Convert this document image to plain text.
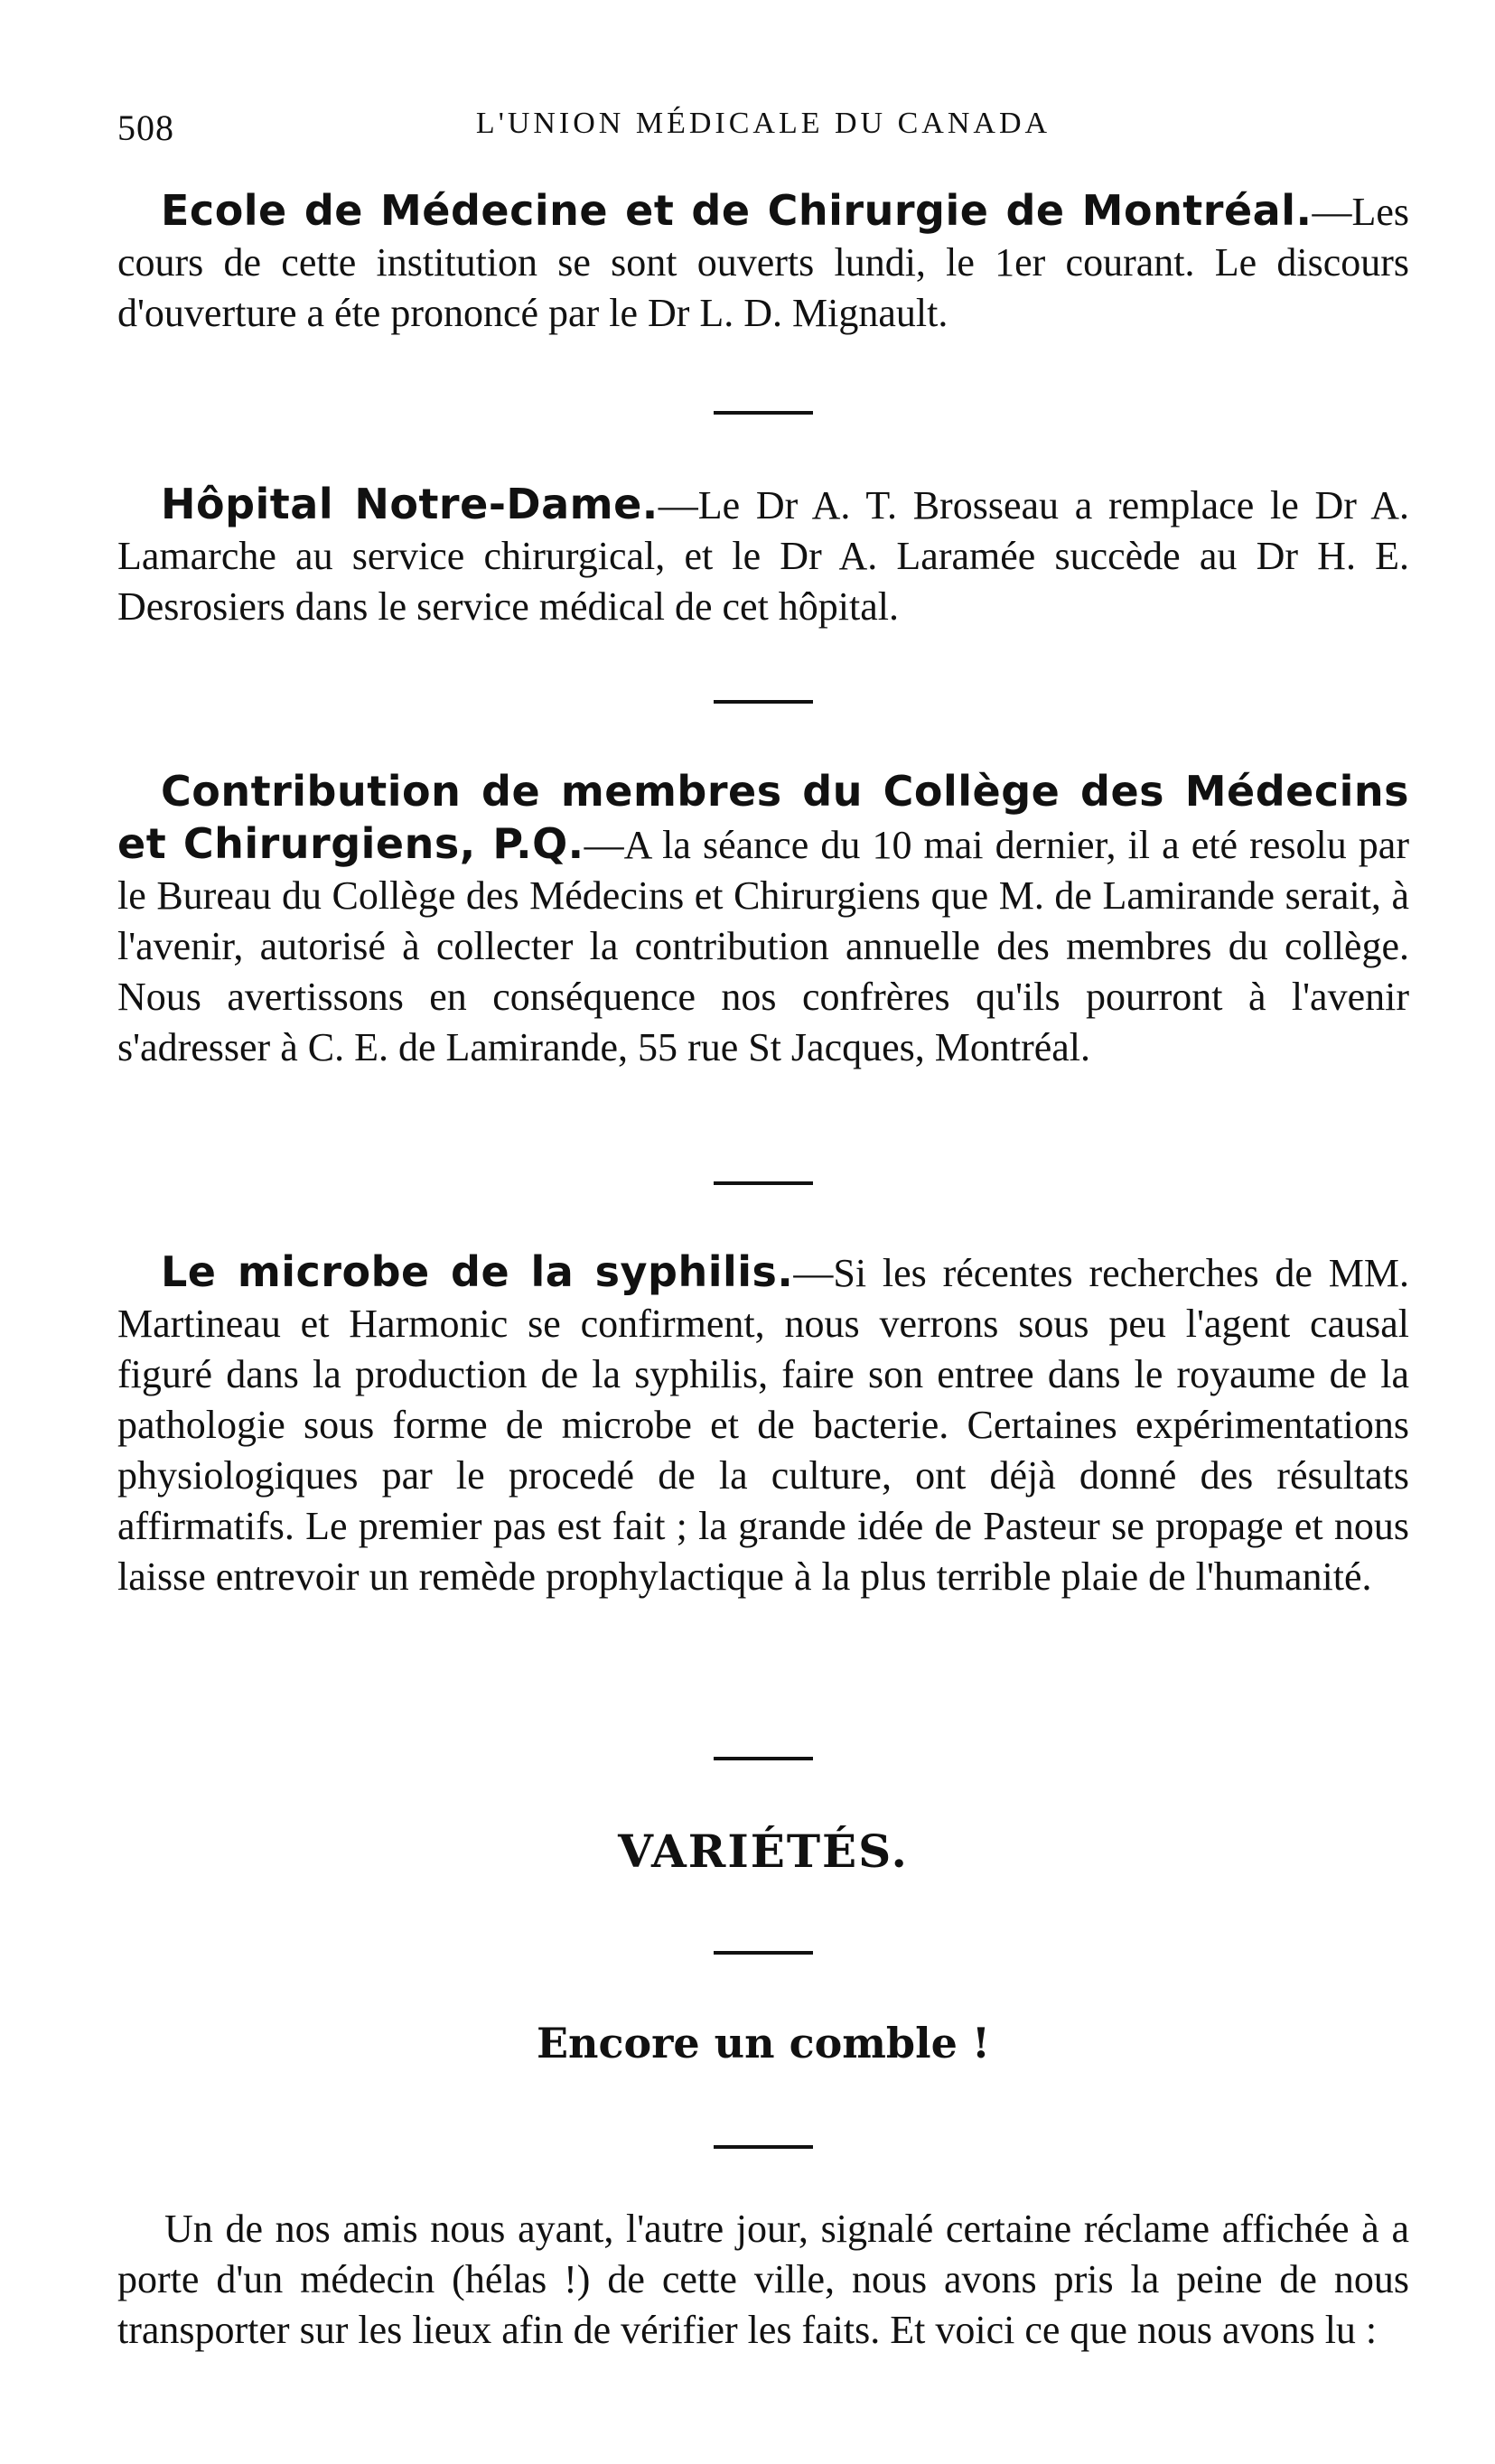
508	L'UNION MÉDICALE DU CANADA
Ecole de Médecine et de Chirurgie de Montréal.—Les cours de cette institution se sont ouverts lundi, le 1er courant. Le discours d'ouverture a éte prononcé par le Dr L. D. Mignault.
Hôpital Notre-Dame.—Le Dr A. T. Brosseau a remplace le Dr A. Lamarche au service chirurgical, et le Dr A. Laramée succède au Dr H. E. Desrosiers dans le service médical de cet hôpital.
Contribution de membres du Collège des Médecins et Chirurgiens, P.Q.—A la séance du 10 mai dernier, il a eté resolu par le Bureau du Collège des Médecins et Chirurgiens que M. de Lamirande serait, à l'avenir, autorisé à collecter la contribution annuelle des membres du collège. Nous avertissons en conséquence nos confrères qu'ils pourront à l'avenir s'adresser à C. E. de Lamirande, 55 rue St Jacques, Montréal.
Le microbe de la syphilis.—Si les récentes recherches de MM. Martineau et Harmonic se confirment, nous verrons sous peu l'agent causal figuré dans la production de la syphilis, faire son entree dans le royaume de la pathologie sous forme de microbe et de bacterie. Certaines expérimentations physiologiques par le procedé de la culture, ont déjà donné des résultats affirmatifs. Le premier pas est fait ; la grande idée de Pasteur se propage et nous laisse entrevoir un remède prophylactique à la plus terrible plaie de l'humanité.
VARIÉTÉS.
Encore un comble !
Un de nos amis nous ayant, l'autre jour, signalé certaine réclame affichée à a porte d'un médecin (hélas !) de cette ville, nous avons pris la peine de nous transporter sur les lieux afin de vérifier les faits. Et voici ce que nous avons lu :
